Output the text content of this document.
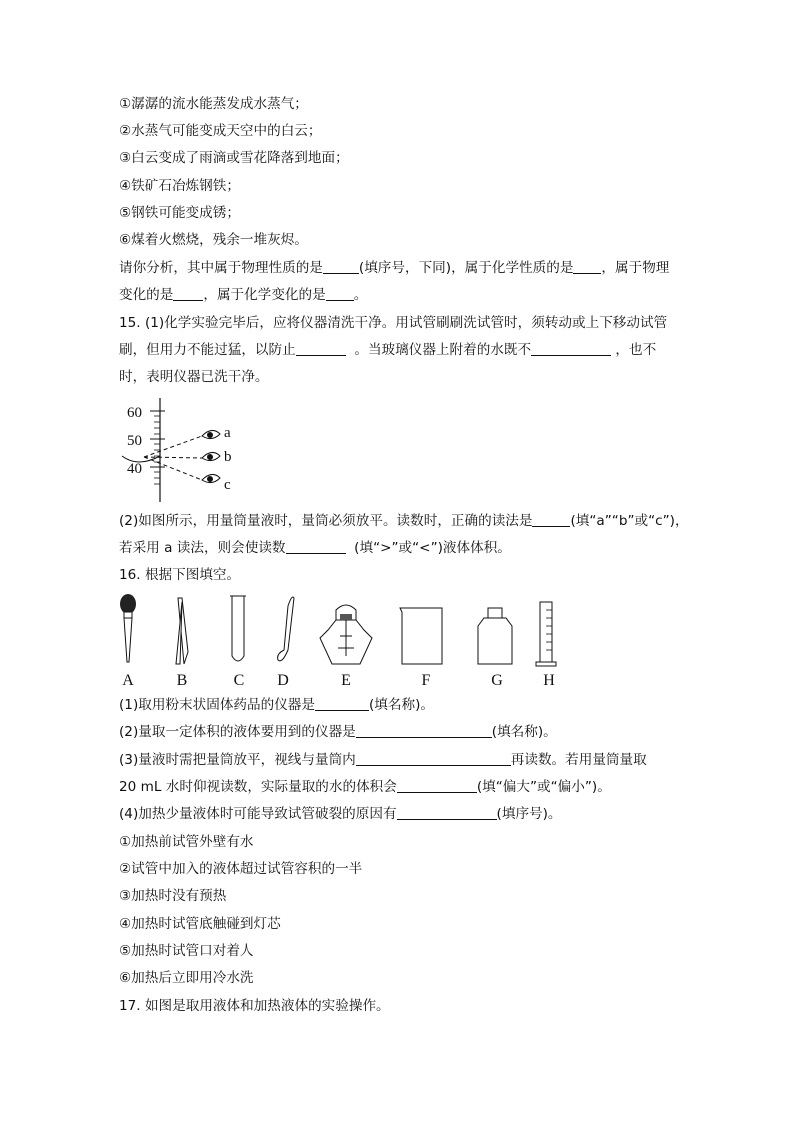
①潺潺的流水能蒸发成水蒸气；
②水蒸气可能变成天空中的白云；
③白云变成了雨滴或雪花降落到地面；
④铁矿石冶炼钢铁；
⑤钢铁可能变成锈；
⑥煤着火燃烧，残余一堆灰烬。
请你分析，其中属于物理性质的是	(填序号，下同)，属于化学性质的是 ，属于物理
变化的是 ，属于化学变化的是 。
15. (1)化学实验完毕后，应将仪器清洗干净。用试管刷刷洗试管时，须转动或上下移动试管
刷，但用力不能过猛，以防止	。当玻璃仪器上附着的水既不	，也不
时，表明仪器已洗干净。
60
50
40
a
b
c
(2)如图所示，用量筒量液时，量筒必须放平。读数时，正确的读法是	(填“a”“b”或“c”)，
若采用 a 读法，则会使读数	(填“>”或“<”)液体体积。
16. 根据下图填空。
A	B	C	D	E	F	G	H
(1)取用粉末状固体药品的仪器是	(填名称)。
(2)量取一定体积的液体要用到的仪器是	(填名称)。
(3)量液时需把量筒放平，视线与量筒内	再读数。若用量筒量取
20 mL 水时仰视读数，实际量取的水的体积会	(填“偏大”或“偏小”)。
(4)加热少量液体时可能导致试管破裂的原因有	(填序号)。
①加热前试管外壁有水
②试管中加入的液体超过试管容积的一半
③加热时没有预热
④加热时试管底触碰到灯芯
⑤加热时试管口对着人
⑥加热后立即用冷水洗
17. 如图是取用液体和加热液体的实验操作。
